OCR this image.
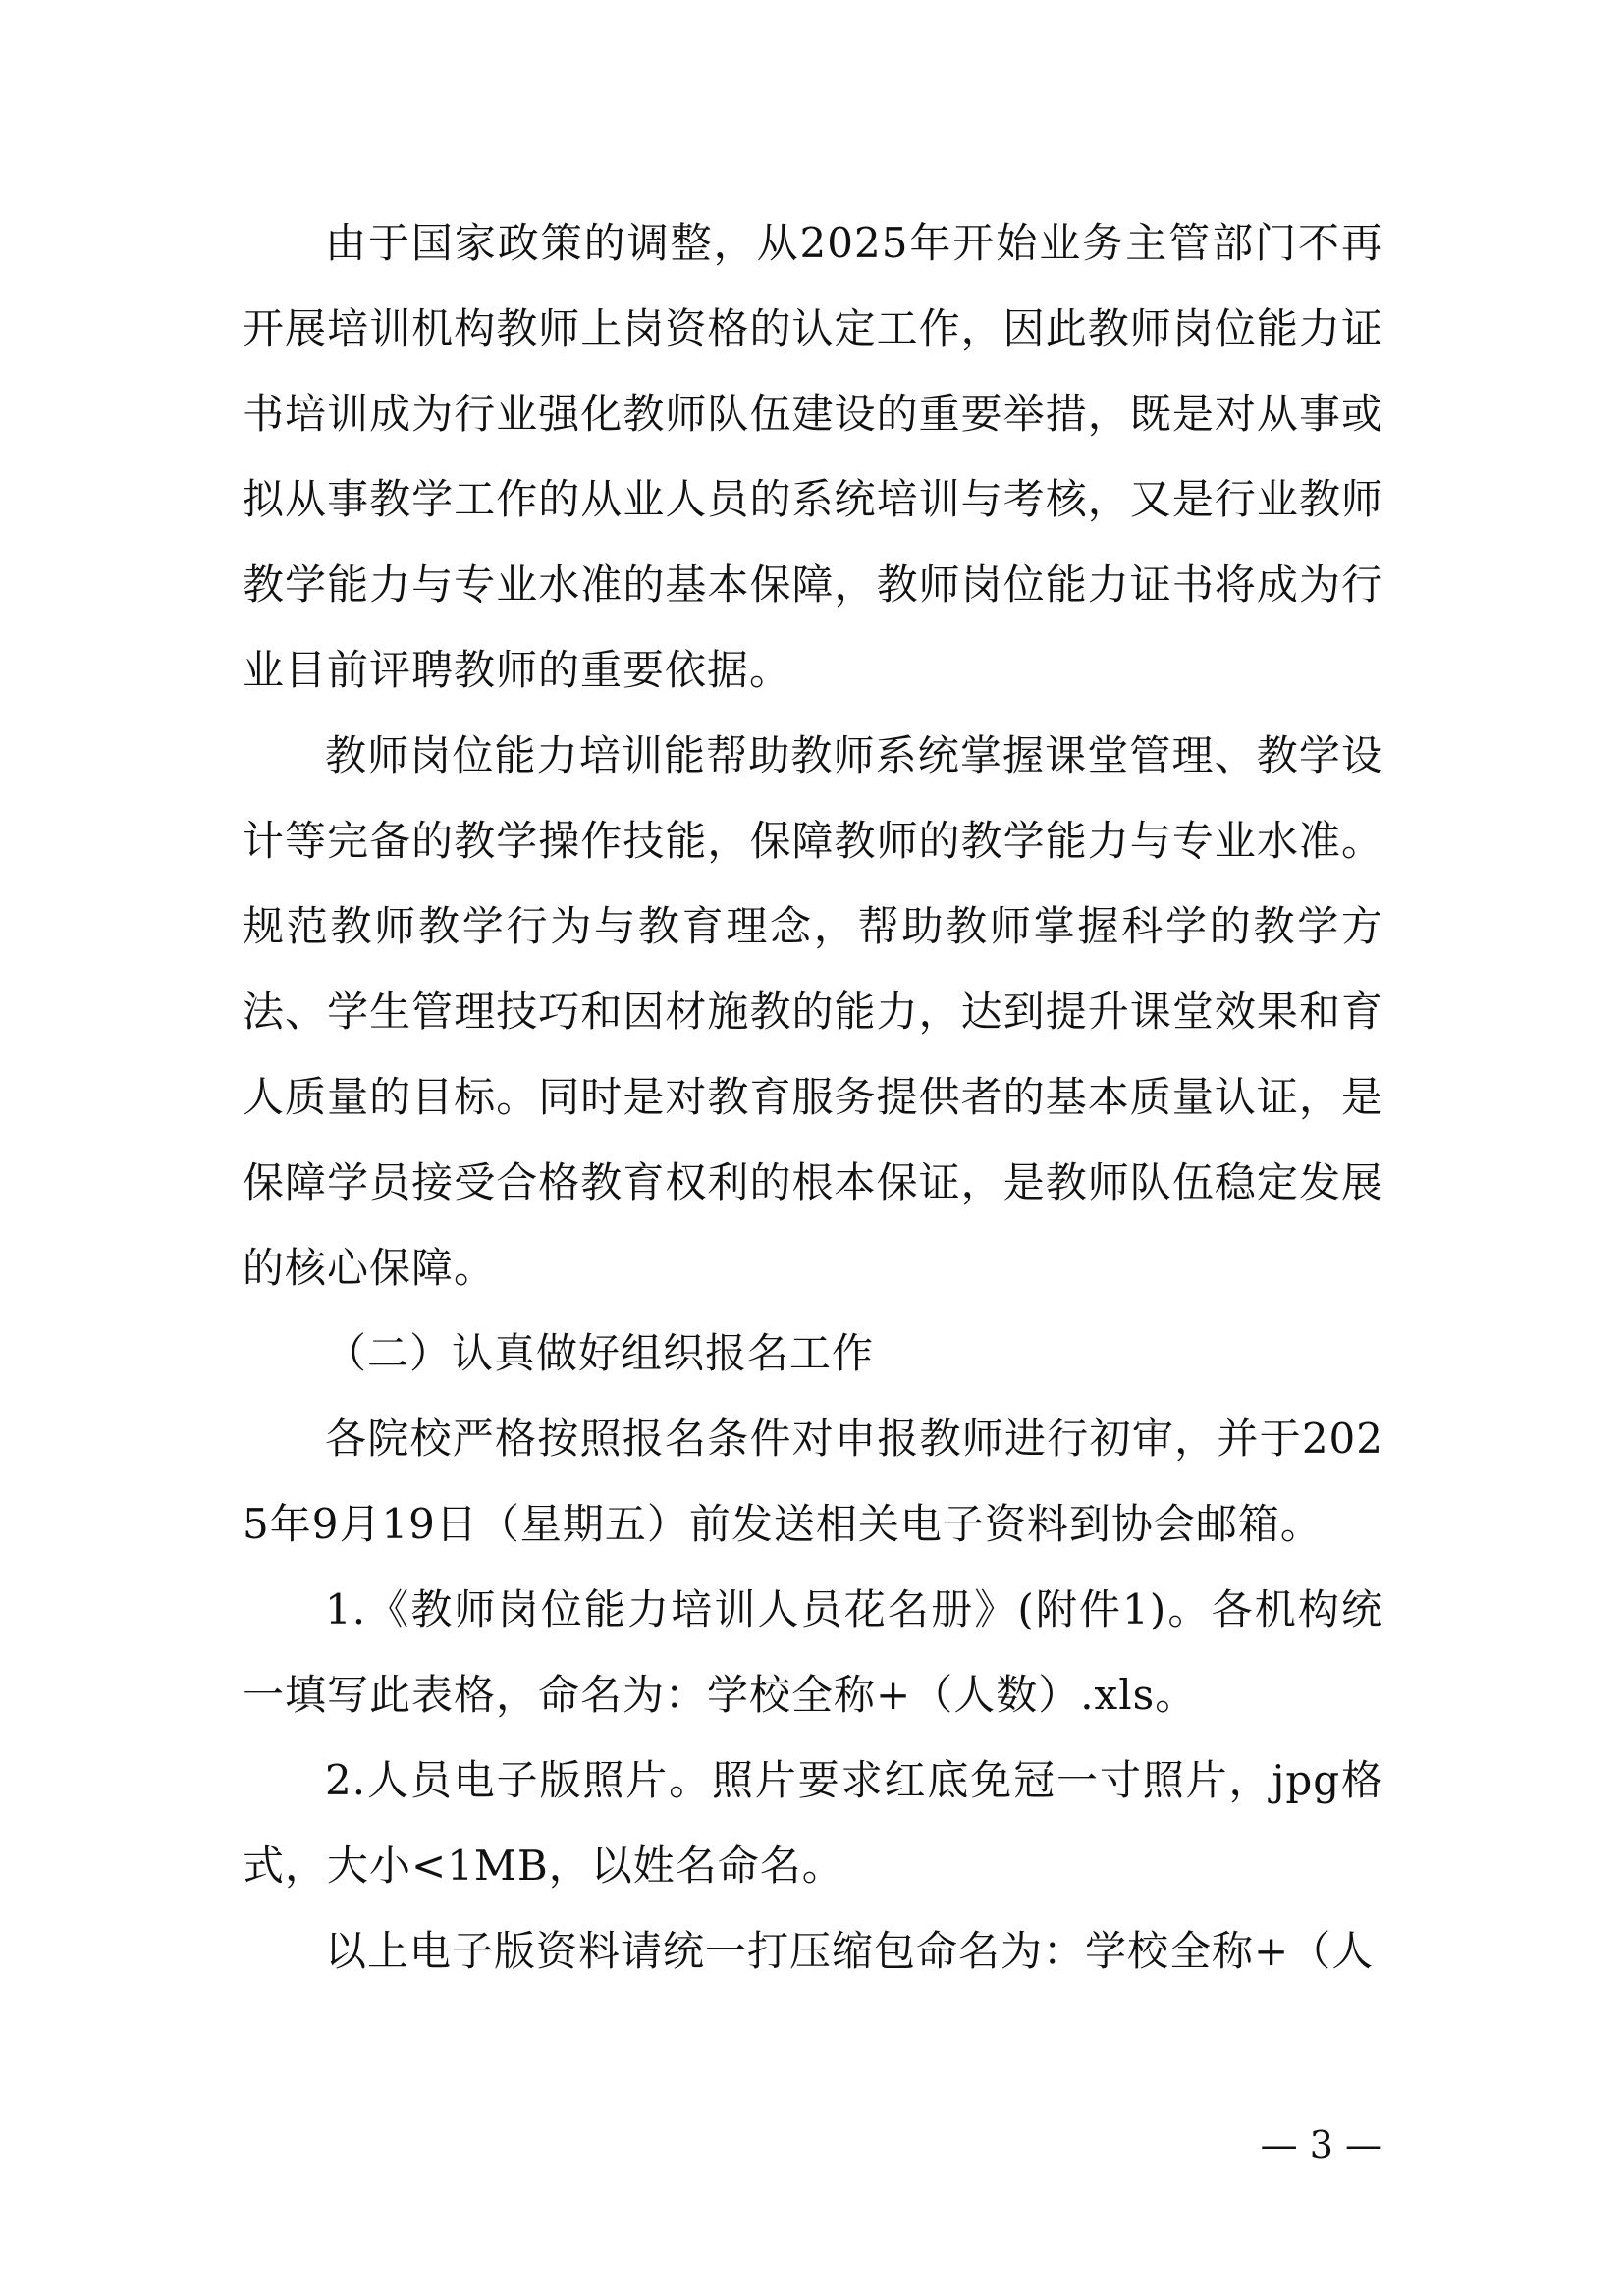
由于国家政策的调整，从2025年开始业务主管部门不再开展培训机构教师上岗资格的认定工作，因此教师岗位能力证书培训成为行业强化教师队伍建设的重要举措，既是对从事或拟从事教学工作的从业人员的系统培训与考核，又是行业教师教学能力与专业水准的基本保障，教师岗位能力证书将成为行业目前评聘教师的重要依据。

教师岗位能力培训能帮助教师系统掌握课堂管理、教学设计等完备的教学操作技能，保障教师的教学能力与专业水准。规范教师教学行为与教育理念，帮助教师掌握科学的教学方法、学生管理技巧和因材施教的能力，达到提升课堂效果和育人质量的目标。同时是对教育服务提供者的基本质量认证，是保障学员接受合格教育权利的根本保证，是教师队伍稳定发展的核心保障。

（二）认真做好组织报名工作

各院校严格按照报名条件对申报教师进行初审，并于2025年9月19日（星期五）前发送相关电子资料到协会邮箱。

1.《教师岗位能力培训人员花名册》(附件1)。各机构统一填写此表格，命名为：学校全称+（人数）.xls。

2.人员电子版照片。照片要求红底免冠一寸照片，jpg格式，大小<1MB，以姓名命名。

以上电子版资料请统一打压缩包命名为：学校全称+（人

— 3 —
